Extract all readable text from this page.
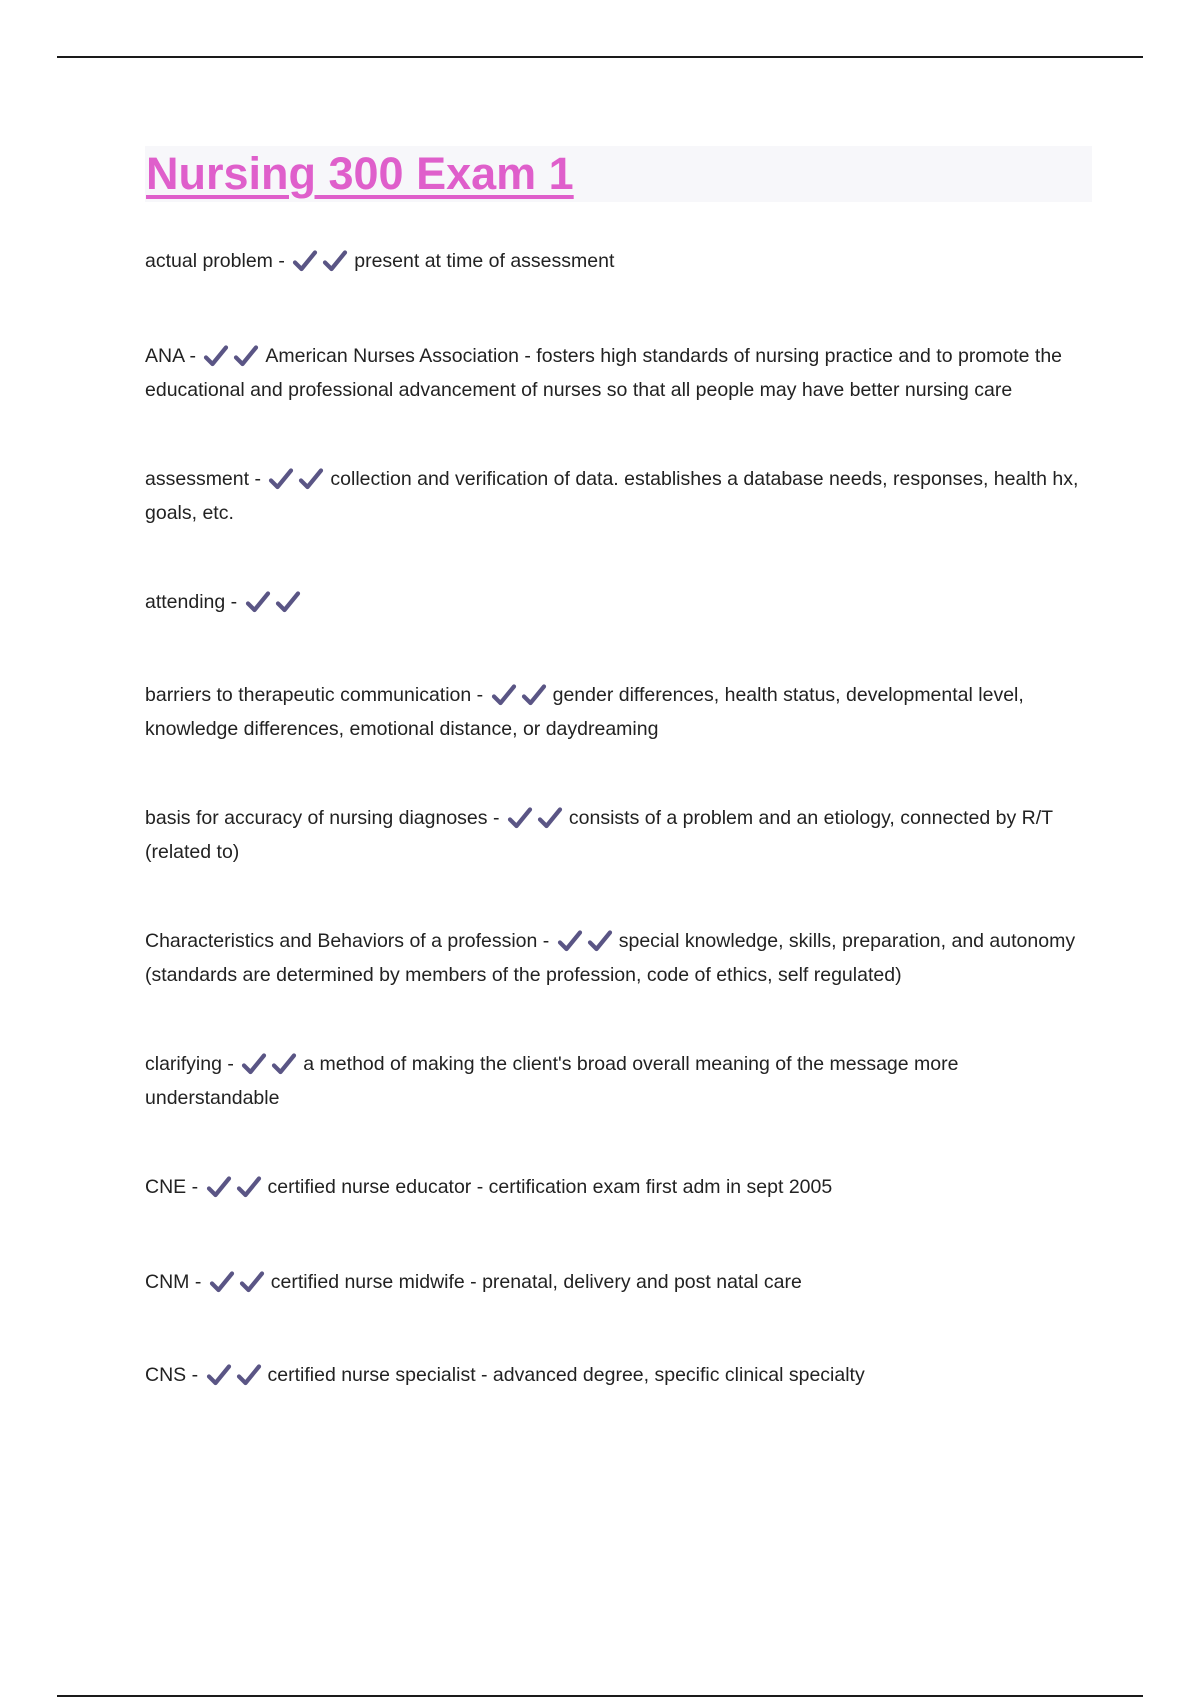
Nursing 300 Exam 1
actual problem -	present at time of assessment
ANA -	American Nurses Association - fosters high standards of nursing practice and to promote the educational and professional advancement of nurses so that all people may have better nursing care
assessment -	collection and verification of data. establishes a database needs, responses, health hx, goals, etc.
attending -
barriers to therapeutic communication -	gender differences, health status, developmental level, knowledge differences, emotional distance, or daydreaming
basis for accuracy of nursing diagnoses -	consists of a problem and an etiology, connected by R/T (related to)
Characteristics and Behaviors of a profession -	special knowledge, skills, preparation, and autonomy (standards are determined by members of the profession, code of ethics, self regulated)
clarifying -	a method of making the client's broad overall meaning of the message more understandable
CNE -	certified nurse educator - certification exam first adm in sept 2005
CNM -	certified nurse midwife - prenatal, delivery and post natal care
CNS -	certified nurse specialist - advanced degree, specific clinical specialty
